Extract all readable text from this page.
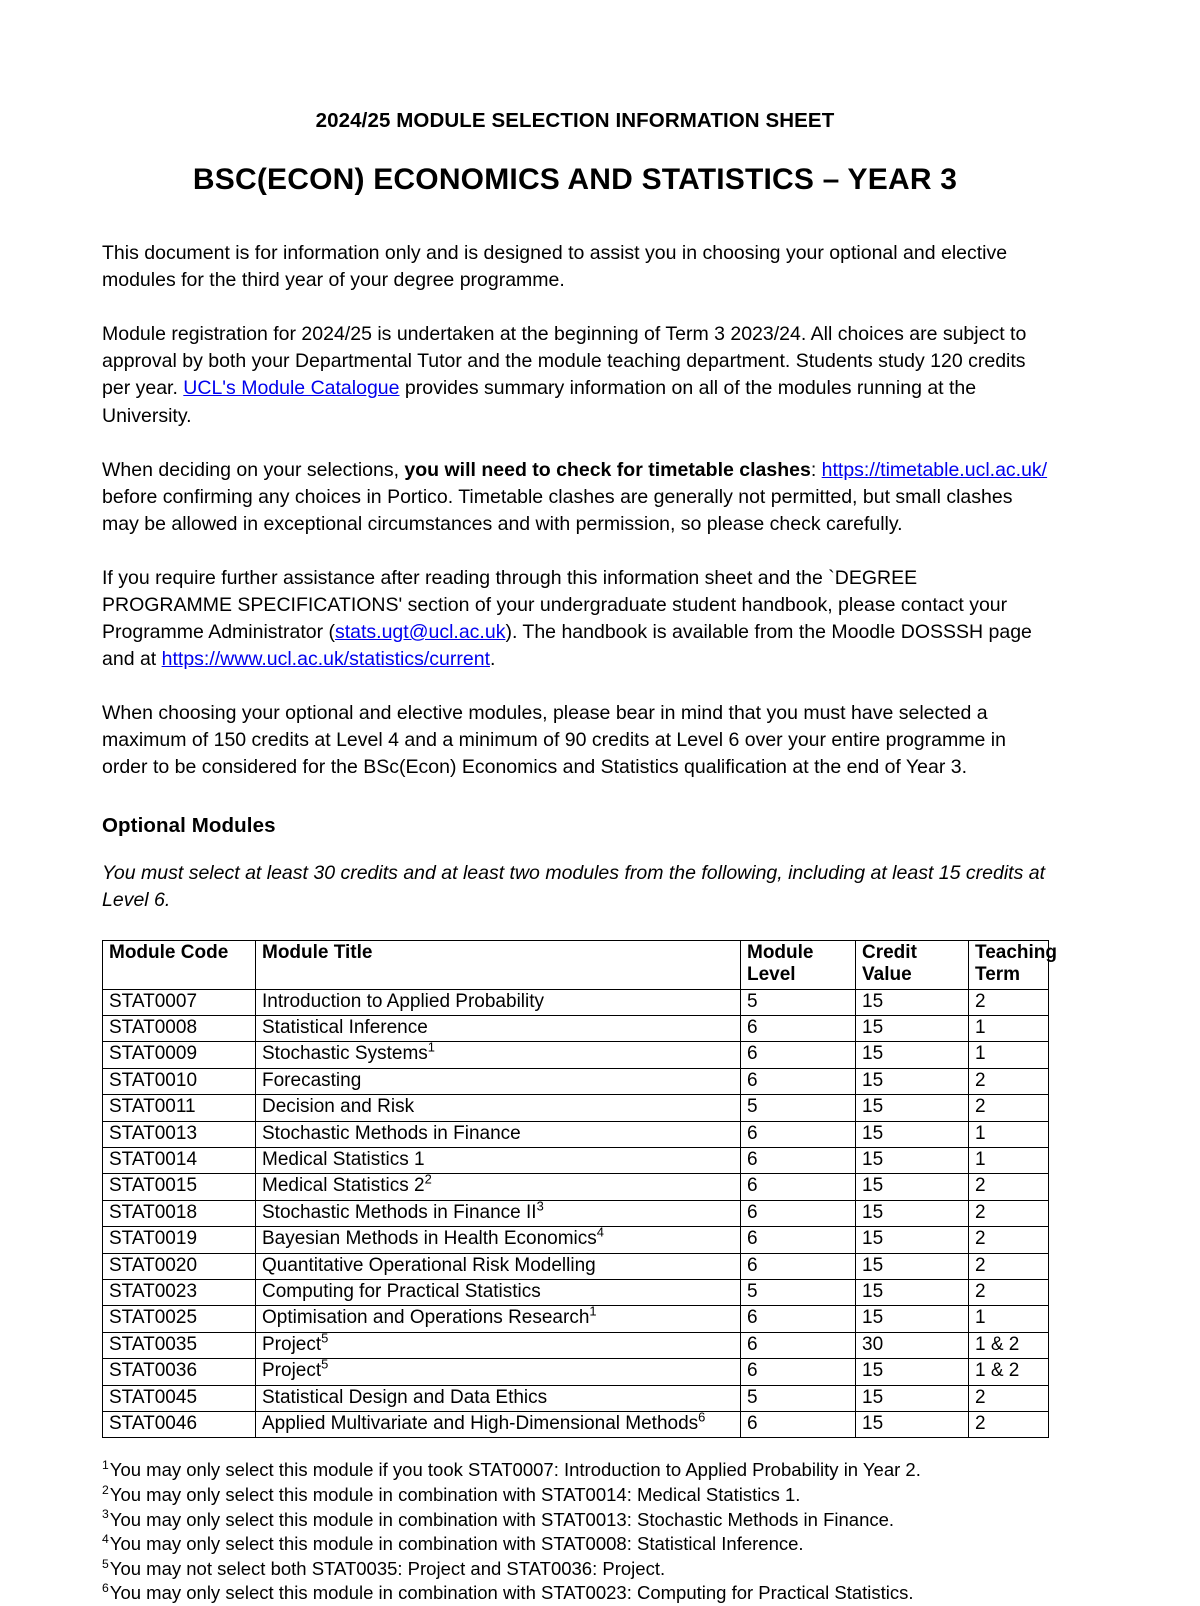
2024/25 MODULE SELECTION INFORMATION SHEET
BSC(ECON) ECONOMICS AND STATISTICS – YEAR 3

This document is for information only and is designed to assist you in choosing your optional and elective modules for the third year of your degree programme.

Module registration for 2024/25 is undertaken at the beginning of Term 3 2023/24. All choices are subject to approval by both your Departmental Tutor and the module teaching department. Students study 120 credits per year. UCL's Module Catalogue provides summary information on all of the modules running at the University.

When deciding on your selections, you will need to check for timetable clashes: https://timetable.ucl.ac.uk/ before confirming any choices in Portico. Timetable clashes are generally not permitted, but small clashes may be allowed in exceptional circumstances and with permission, so please check carefully.

If you require further assistance after reading through this information sheet and the `DEGREE PROGRAMME SPECIFICATIONS' section of your undergraduate student handbook, please contact your Programme Administrator (stats.ugt@ucl.ac.uk). The handbook is available from the Moodle DOSSSH page and at https://www.ucl.ac.uk/statistics/current.

When choosing your optional and elective modules, please bear in mind that you must have selected a maximum of 150 credits at Level 4 and a minimum of 90 credits at Level 6 over your entire programme in order to be considered for the BSc(Econ) Economics and Statistics qualification at the end of Year 3.

Optional Modules

You must select at least 30 credits and at least two modules from the following, including at least 15 credits at Level 6.

Module Code	Module Title	Module Level	Credit Value	Teaching Term
STAT0007	Introduction to Applied Probability	5	15	2
STAT0008	Statistical Inference	6	15	1
STAT0009	Stochastic Systems$^1$	6	15	1
STAT0010	Forecasting	6	15	2
STAT0011	Decision and Risk	5	15	2
STAT0013	Stochastic Methods in Finance	6	15	1
STAT0014	Medical Statistics 1	6	15	1
STAT0015	Medical Statistics $2^2$	6	15	2
STAT0018	Stochastic Methods in Finance $II^3$	6	15	2
STAT0019	Bayesian Methods in Health Economics$^4$	6	15	2
STAT0020	Quantitative Operational Risk Modelling	6	15	2
STAT0023	Computing for Practical Statistics	5	15	2
STAT0025	Optimisation and Operations Research$^1$	6	15	1
STAT0035	Project$^5$	6	30	1 & 2
STAT0036	Project$^5$	6	15	1 & 2
STAT0045	Statistical Design and Data Ethics	5	15	2
STAT0046	Applied Multivariate and High-Dimensional Methods$^6$	6	15	2
$^1$You may only select this module if you took STAT0007: Introduction to Applied Probability in Year 2.
$^2$You may only select this module in combination with STAT0014: Medical Statistics 1.
$^3$You may only select this module in combination with STAT0013: Stochastic Methods in Finance.
$^4$You may only select this module in combination with STAT0008: Statistical Inference.
$^5$You may not select both STAT0035: Project and STAT0036: Project.
$^6$You may only select this module in combination with STAT0023: Computing for Practical Statistics.
